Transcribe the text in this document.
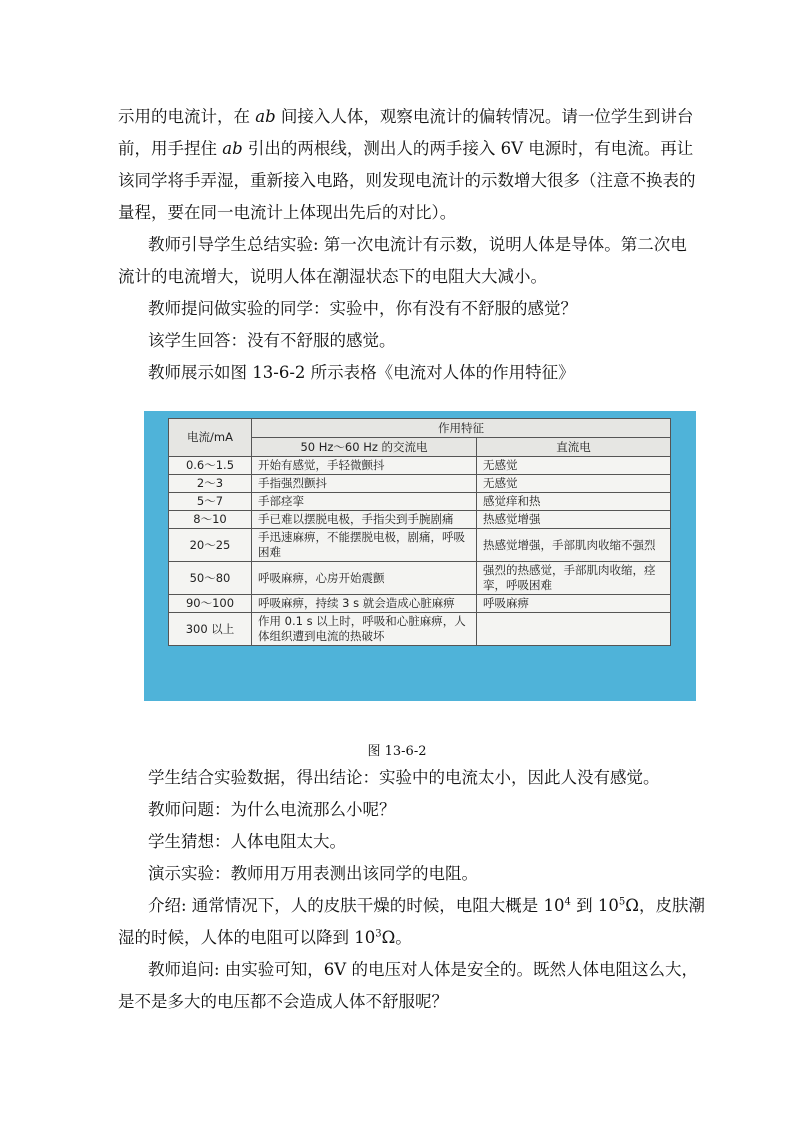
示用的电流计，在 ab 间接入人体，观察电流计的偏转情况。请一位学生到讲台
前，用手捏住 ab 引出的两根线，测出人的两手接入 6V 电源时，有电流。再让
该同学将手弄湿，重新接入电路，则发现电流计的示数增大很多（注意不换表的
量程，要在同一电流计上体现出先后的对比）。

教师引导学生总结实验: 第一次电流计有示数，说明人体是导体。第二次电
流计的电流增大，说明人体在潮湿状态下的电阻大大减小。

教师提问做实验的同学：实验中，你有没有不舒服的感觉？

该学生回答：没有不舒服的感觉。

教师展示如图 13-6-2 所示表格《电流对人体的作用特征》

电流/mA	作用特征	
	50 Hz～60 Hz 的交流电	直流电
0.6～1.5	开始有感觉，手轻微颤抖	无感觉
2～3	手指强烈颤抖	无感觉
5～7	手部痉挛	感觉痒和热
8～10	手已难以摆脱电极，手指尖到手腕剧痛	热感觉增强
20～25	手迅速麻痹，不能摆脱电极，剧痛，呼吸困难	热感觉增强，手部肌肉收缩不强烈
50～80	呼吸麻痹，心房开始震颤	强烈的热感觉，手部肌肉收缩，痉挛，呼吸困难
90～100	呼吸麻痹，持续 3 s 就会造成心脏麻痹	呼吸麻痹
300 以上	作用 0.1 s 以上时，呼吸和心脏麻痹，人体组织遭到电流的热破坏	
图 13-6-2

学生结合实验数据，得出结论：实验中的电流太小，因此人没有感觉。

教师问题：为什么电流那么小呢？

学生猜想：人体电阻太大。

演示实验：教师用万用表测出该同学的电阻。

介绍: 通常情况下，人的皮肤干燥的时候，电阻大概是 $10^4$ 到 $10^5\Omega$，皮肤潮
湿的时候，人体的电阻可以降到 $10^3\Omega$。

教师追问: 由实验可知，6V 的电压对人体是安全的。既然人体电阻这么大，
是不是多大的电压都不会造成人体不舒服呢？
